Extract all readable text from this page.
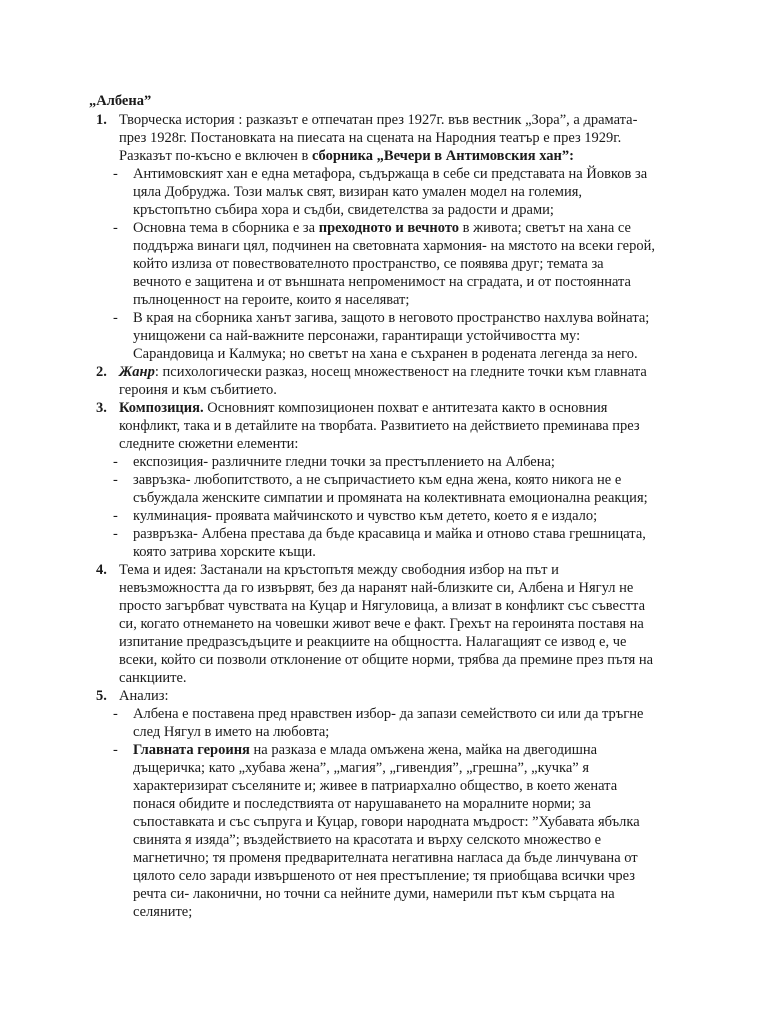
„Албена”
1. Творческа история : разказът е отпечатан през 1927г. във вестник „Зора”, а драмата-
през 1928г. Постановката на пиесата на сцената на Народния театър е през 1929г.
Разказът по-късно е включен в сборника „Вечери в Антимовския хан”:
- Антимовският хан е една метафора, съдържаща в себе си представата на Йовков за
цяла Добруджа. Този малък свят, визиран като умален модел на големия,
кръстопътно събира хора и съдби, свидетелства за радости и драми;
- Основна тема в сборника е за преходното и вечното в живота; светът на хана се
поддържа винаги цял, подчинен на световната хармония- на мястото на всеки герой,
който излиза от повествователното пространство, се появява друг; темата за
вечното е защитена и от външната непроменимост на сградата, и от постоянната
пълноценност на героите, които я населяват;
- В края на сборника ханът загива, защото в неговото пространство нахлува войната;
унищожени са най-важните персонажи, гарантиращи устойчивостта му:
Сарандовица и Калмука; но светът на хана е съхранен в родената легенда за него.
2. Жанр: психологически разказ, носещ множественост на гледните точки към главната
героиня и към събитието.
3. Композиция. Основният композиционен похват е антитезата както в основния
конфликт, така и в детайлите на творбата. Развитието на действието преминава през
следните сюжетни елементи:
- експозиция- различните гледни точки за престъплението на Албена;
- завръзка- любопитството, а не съпричастието към една жена, която никога не е
събуждала женските симпатии и промяната на колективната емоционална реакция;
- кулминация- проявата майчинското и чувство към детето, което я е издало;
- развръзка- Албена престава да бъде красавица и майка и отново става грешницата,
която затрива хорските къщи.
4. Тема и идея: Застанали на кръстопътя между свободния избор на път и
невъзможността да го извървят, без да наранят най-близките си, Албена и Нягул не
просто загърбват чувствата на Куцар и Нягуловица, а влизат в конфликт със съвестта
си, когато отнемането на човешки живот вече е факт. Грехът на героинята поставя на
изпитание предразсъдъците и реакциите на общността. Налагащият се извод е, че
всеки, който си позволи отклонение от общите норми, трябва да премине през пътя на
санкциите.
5. Анализ:
- Албена е поставена пред нравствен избор- да запази семейството си или да тръгне
след Нягул в името на любовта;
- Главната героиня на разказа е млада омъжена жена, майка на двегодишна
дъщеричка; като „хубава жена”, „магия”, „гивендия”, „грешна”, „кучка” я
характеризират съселяните и; живее в патриархално общество, в което жената
понася обидите и последствията от нарушаването на моралните норми; за
съпоставката и със съпруга и Куцар, говори народната мъдрост: ”Хубавата ябълка
свинята я изяда”; въздействието на красотата и върху селското множество е
магнетично; тя променя предварителната негативна нагласа да бъде линчувана от
цялото село заради извършеното от нея престъпление; тя приобщава всички чрез
речта си- лаконични, но точни са нейните думи, намерили път към сърцата на
селяните;
